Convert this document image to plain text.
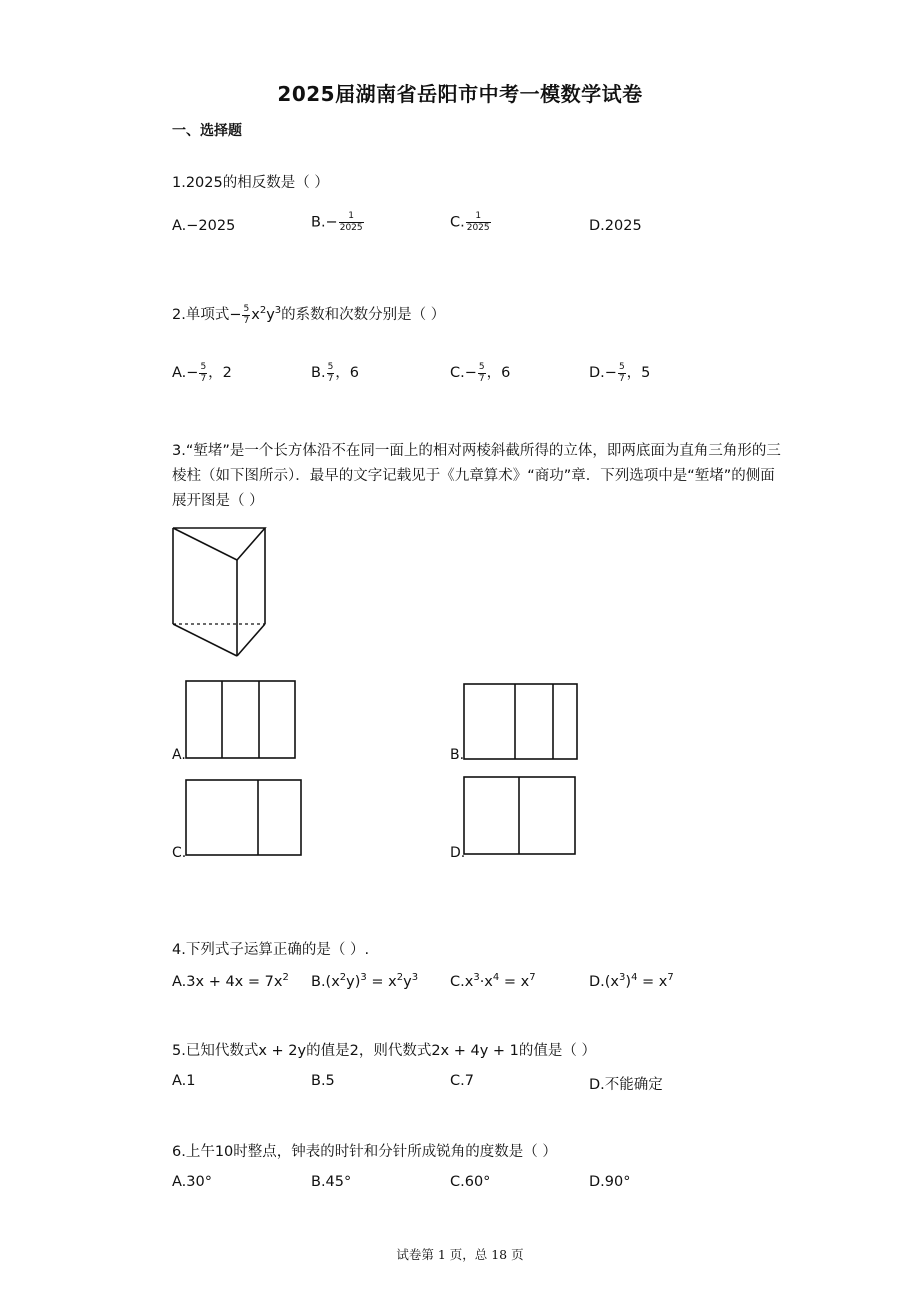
2025届湖南省岳阳市中考一模数学试卷
一、选择题
1.2025的相反数是（ ）
A.−2025	$B.- \frac{1}{2025}$	C. $\frac{1}{2025}$	D.2025
2.单项式− $\frac{5}{7} x^2y^3$的系数和次数分别是（ ）
$A.- \frac{5}{7}$ ，2	B. $\frac{5}{7}$ ，6	$C.- \frac{5}{7}$ ，6	$D.- \frac{5}{7}$ ，5
3.“堑堵”是一个长方体沿不在同一面上的相对两棱斜截所得的立体，即两底面为直角三角形的三棱柱（如下图所示）．最早的文字记载见于《九章算术》“商功”章．下列选项中是“堑堵”的侧面展开图是（ ）
A.	B.
C.	D.
4.下列式子运算正确的是（ ）.
$A.3x + 4x = 7x^2$ $B.(x^2y)^3 = x^2y^3$ $C.x^3\cdot x^4 = x^7$	$D.(x^3)^4 = x^7$
5.已知代数式x + 2y的值是2，则代数式2x + 4y + 1的值是（ ）
A.1	B.5	C.7	D.不能确定
6.上午10时整点，钟表的时针和分针所成锐角的度数是（ ）
A.30°	B.45°	C.60°	D.90°
试卷第 1 页，总 18 页
